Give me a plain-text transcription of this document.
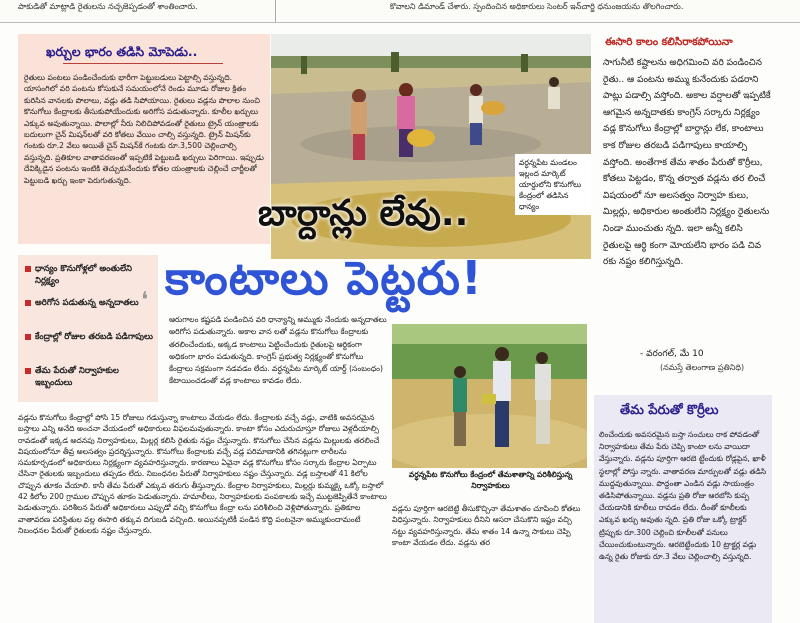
పాకుడితో మాట్లాడి రైతులను నచ్చజెప్పడంతో శాంతించారు.	కొవాలని డిమాండ్ చేశారు. స్పందించిన అధికారులు సెంటర్ ఇన్‌చార్జి ధనుంజయను తొలగించారు.
ఖర్చుల భారం తడిసి మోపెడు..
రైతులు పంటలు పండించేందుకు భారీగా పెట్టుబడులు పెట్టాల్సి వస్తున్నది. యాసంగిలో వరి పంటను కోసుకునే సమయంలోనే రెండు మూడు రోజుల క్రితం కురిసిన వానలకు పొలాలు, వడ్లు తడి సిపోయాయి. రైతులు వడ్లను పొలాల నుంచి కొనుగోలు కేంద్రాలకు తీసుకుపోయేందుకు అరిగోస పడుతున్నారు. కూలీల ఖర్చులు ఎక్కువ అవుతున్నాయి. పొలాల్లో నీరు నిలిచిపోవడంతో రైతులు ట్రైన్ యంత్రాలకు బదులుగా చైన్ మిషన్‌లతో వరి కోతలు వేయిం చాల్సి వస్తున్నది. ట్రైన్ మిషన్‌కు గంటకు రూ.2 వేలు అయితే చైన్ మిషన్‌కే గంటకు రూ.3,500 చెల్లించాల్సి వస్తున్నది. ప్రతికూల వాతావరణంతో ఇప్పటికే పెట్టుబడి ఖర్చులు పెరిగాయి. ఇప్పుడు దేవిక్కిడైన పంటను ఇంటికి తెచ్చుకునేందుకు కోతల యంత్రాలకు చెల్లించే చార్జీలతో పెట్టుబడి ఖర్చు ఇంకా పెరుగుతున్నది.
వర్ధన్నపేట మండలం ఇల్లంద మార్కెట్ యార్డులోని కొనుగోలు కేంద్రంలో తడిసిన ధాన్యం
ఈసారి కాలం కలిసిరాకపోయినా
సాగునీటి కష్టాలను అధిగమించి వరి పండించిన రైతు.. ఆ పంటను అమ్ము కునేందుకు పడరాని పాట్లు పడాల్సి వస్తోంది. అకాల వర్షాలతో ఇప్పటికే ఆగమైన అన్నదాతకు కాంగ్రెస్ సర్కారు నిర్లక్ష్యం వడ్ల కొనుగోలు కేంద్రాల్లో బార్దాన్లు లేక, కాంటాలు కాక రోజుల తరబడి పడిగాపులు కాయాల్సి వస్తోంది. అంతేగాక తేమ శాతం పేరుతో కొర్రీలు, కోతలు పెట్టడం, కొన్న తర్వాత వడ్లను తర లించే విషయంలో నూ అలసత్వం నిర్వాహ కులు, మిల్లర్లు, అధికారుల అంతులేని నిర్లక్ష్యం రైతులను నిండా ముంచుతు న్నది. ఇలా అన్నీ కలిసి రైతులపై ఆర్థి కంగా మోయలేని భారం పడి చివ రకు నష్టం కలిగిస్తున్నది.
- వరంగల్, మే 10
(నమస్తే తెలంగాణ ప్రతినిధి)
బార్దాన్లు లేవు..
కాంటాలు పెట్టరు!
ధాన్యం కొనుగోళ్లలో అంతులేని నిర్లక్ష్యం
అరిగోస పడుతున్న అన్నదాతలు
కేంద్రాల్లో రోజుల తరబడి పడిగాపులు
తేమ పేరుతో నిర్వాహకుల ఇబ్బందులు
❛
ఆరుగాలం కష్టపడి పండించిన వరి ధాన్యాన్ని అమ్ముకు నేందుకు అన్నదాతలు అరిగోస పడుతున్నారు. అకాల వాన లతో వడ్లను కొనుగోలు కేంద్రాలకు తరలించేందుకు, అక్కడ కాంటాలు పెట్టించేందుకు రైతులపై ఆర్థికంగా అధికంగా భారం పడుతున్నది. కాంగ్రెస్ ప్రభుత్వ నిర్లక్ష్యంతో కొనుగోలు కేంద్రాలు సక్రమంగా నడవడం లేదు. వర్ధన్నపేట మార్కెట్ యార్డ్ (సంబంధం) కేటాయించడంతో వడ్ల కాంటాలు కావడం లేదు.
వర్ధన్నపేట కొనుగోలు కేంద్రంలో తేమశాతాన్ని పరిశీలిస్తున్న నిర్వాహకులు
వడ్లను కొనుగోలు కేంద్రాల్లో పోసి 15 రోజులు గడుస్తున్నా కాంటాలు వేయడం లేదు. కేంద్రాలకు వచ్చే వడ్లు, వాటికి అవసరమైన బస్తాలు ఎన్ని అనేది అంచనా వేయడంలో అధికారులు విఫలమవుతున్నారు. కాంటా కోసం ఎదురుచూస్తూ రోజులు వెళ్లదీయాల్సి రావడంతో ఇక్కడ అదనపు నిర్వాహకులు, మిల్లర్ల కలిసి రైతుకు నష్టం చేస్తున్నారు. కొనుగోలు చేసిన వడ్లను మిల్లులకు తరలించే విషయంలోనూ తీవ్ర అలసత్వం ప్రదర్శిస్తున్నారు. కొనుగోలు కేంద్రాలకు వచ్చే వడ్ల పరిమాణానికి తగినట్లుగా లారీలను సమకూర్చడంలో అధికారులు నిర్లక్ష్యంగా వ్యవహరిస్తున్నారు. కారణాలు ఏవైనా వడ్ల కొనుగోలు కోసం సర్కారు కేంద్రాల ఏర్పాటు చేసినా రైతులకు ఇబ్బందులు తప్పడం లేదు. నిబంధనల పేరుతో నిర్వాహకులు నష్టం చేస్తున్నారు. వడ్ల బస్తాలతో 41 కిలోల చొప్పున తూకం వేయాలి. కానీ తేమ పేరుతో ఎక్కువ తరుగు తీస్తున్నారు. కేంద్రాల నిర్వాహకులు, మిల్లర్లు కుమ్మక్కై ఒక్కో బస్తాలో 42 కిలోల 200 గ్రాముల చొప్పున తూకం పెడుతున్నారు. హమాలీలు, నిర్వాహకులకు పంపకాలకు ఇచ్చే ముట్టజెప్పితేనే కాంటాలు పెడుతున్నారు. పరిశీలన పేరుతో అధికారులు ఎప్పుడో వచ్చి కొనుగోలు కేంద్రా లను పరిశీలించి వెళ్లిపోతున్నారు. ప్రతికూల వాతావరణ పరిస్థితుల వల్ల ఈసారి తక్కువ దిగుబడి వచ్చింది. అయినప్పటికీ పండిన కొద్ది పంటనైనా అమ్ముకుందామంటే నిబంధనల పేరుతో రైతులకు నష్టం చేస్తున్నారు.
వడ్లను పూర్తిగా ఆరబెట్టి తీసుకొచ్చినా తేమశాతం చూపించి కోతలు విధిస్తున్నారు. నిర్వాహకులు దీనిని ఆసరా చేసుకొని ఇష్టం వచ్చి నట్టు వ్యవహరిస్తున్నారు. తేమ శాతం 14 ఉన్నా సాకులు చెప్పి కాంటా వేయడం లేదు. వడ్లను తర
తేమ పేరుతో కొర్రీలు
లించేందుకు అవసరమైన బస్తా సంచులు రాక పోవడంతో నిర్వాహకులు తేమ పేరు చెప్పి కాంటా లను వాయిదా వేస్తున్నారు. వడ్లను పూర్తిగా ఆరబె ట్టేందుకు రోడ్లపైన, ఖాళీ స్థలాల్లో పోస్తు న్నారు. వాతావరణ మార్పులతో వడ్లు తడిసి ముద్దవుతున్నాయి. పొద్దంతా ఎండిన వడ్లు సాయంత్రం తడిసిపోతున్నాయి. వడ్లను ప్రతి రోజు ఆరబోసి కుప్ప చేయడానికి కూలీలు రావడం లేదు. దీంతో కూలీలకు ఎక్కువ ఖర్చు అవుతు న్నది. ప్రతి రోజు ఒక్కో ట్రాక్టర్ ట్రిప్పుకు రూ.300 చెల్లించి కూలీలతో పనులు చేయించుకుంటున్నారు. ఆరబెట్టేందుకు 10 ట్రాక్టర్ల వడ్లు ఉన్న రైతు రోజుకు రూ.3 వేలు చెల్లించాల్సి వస్తున్నది.
